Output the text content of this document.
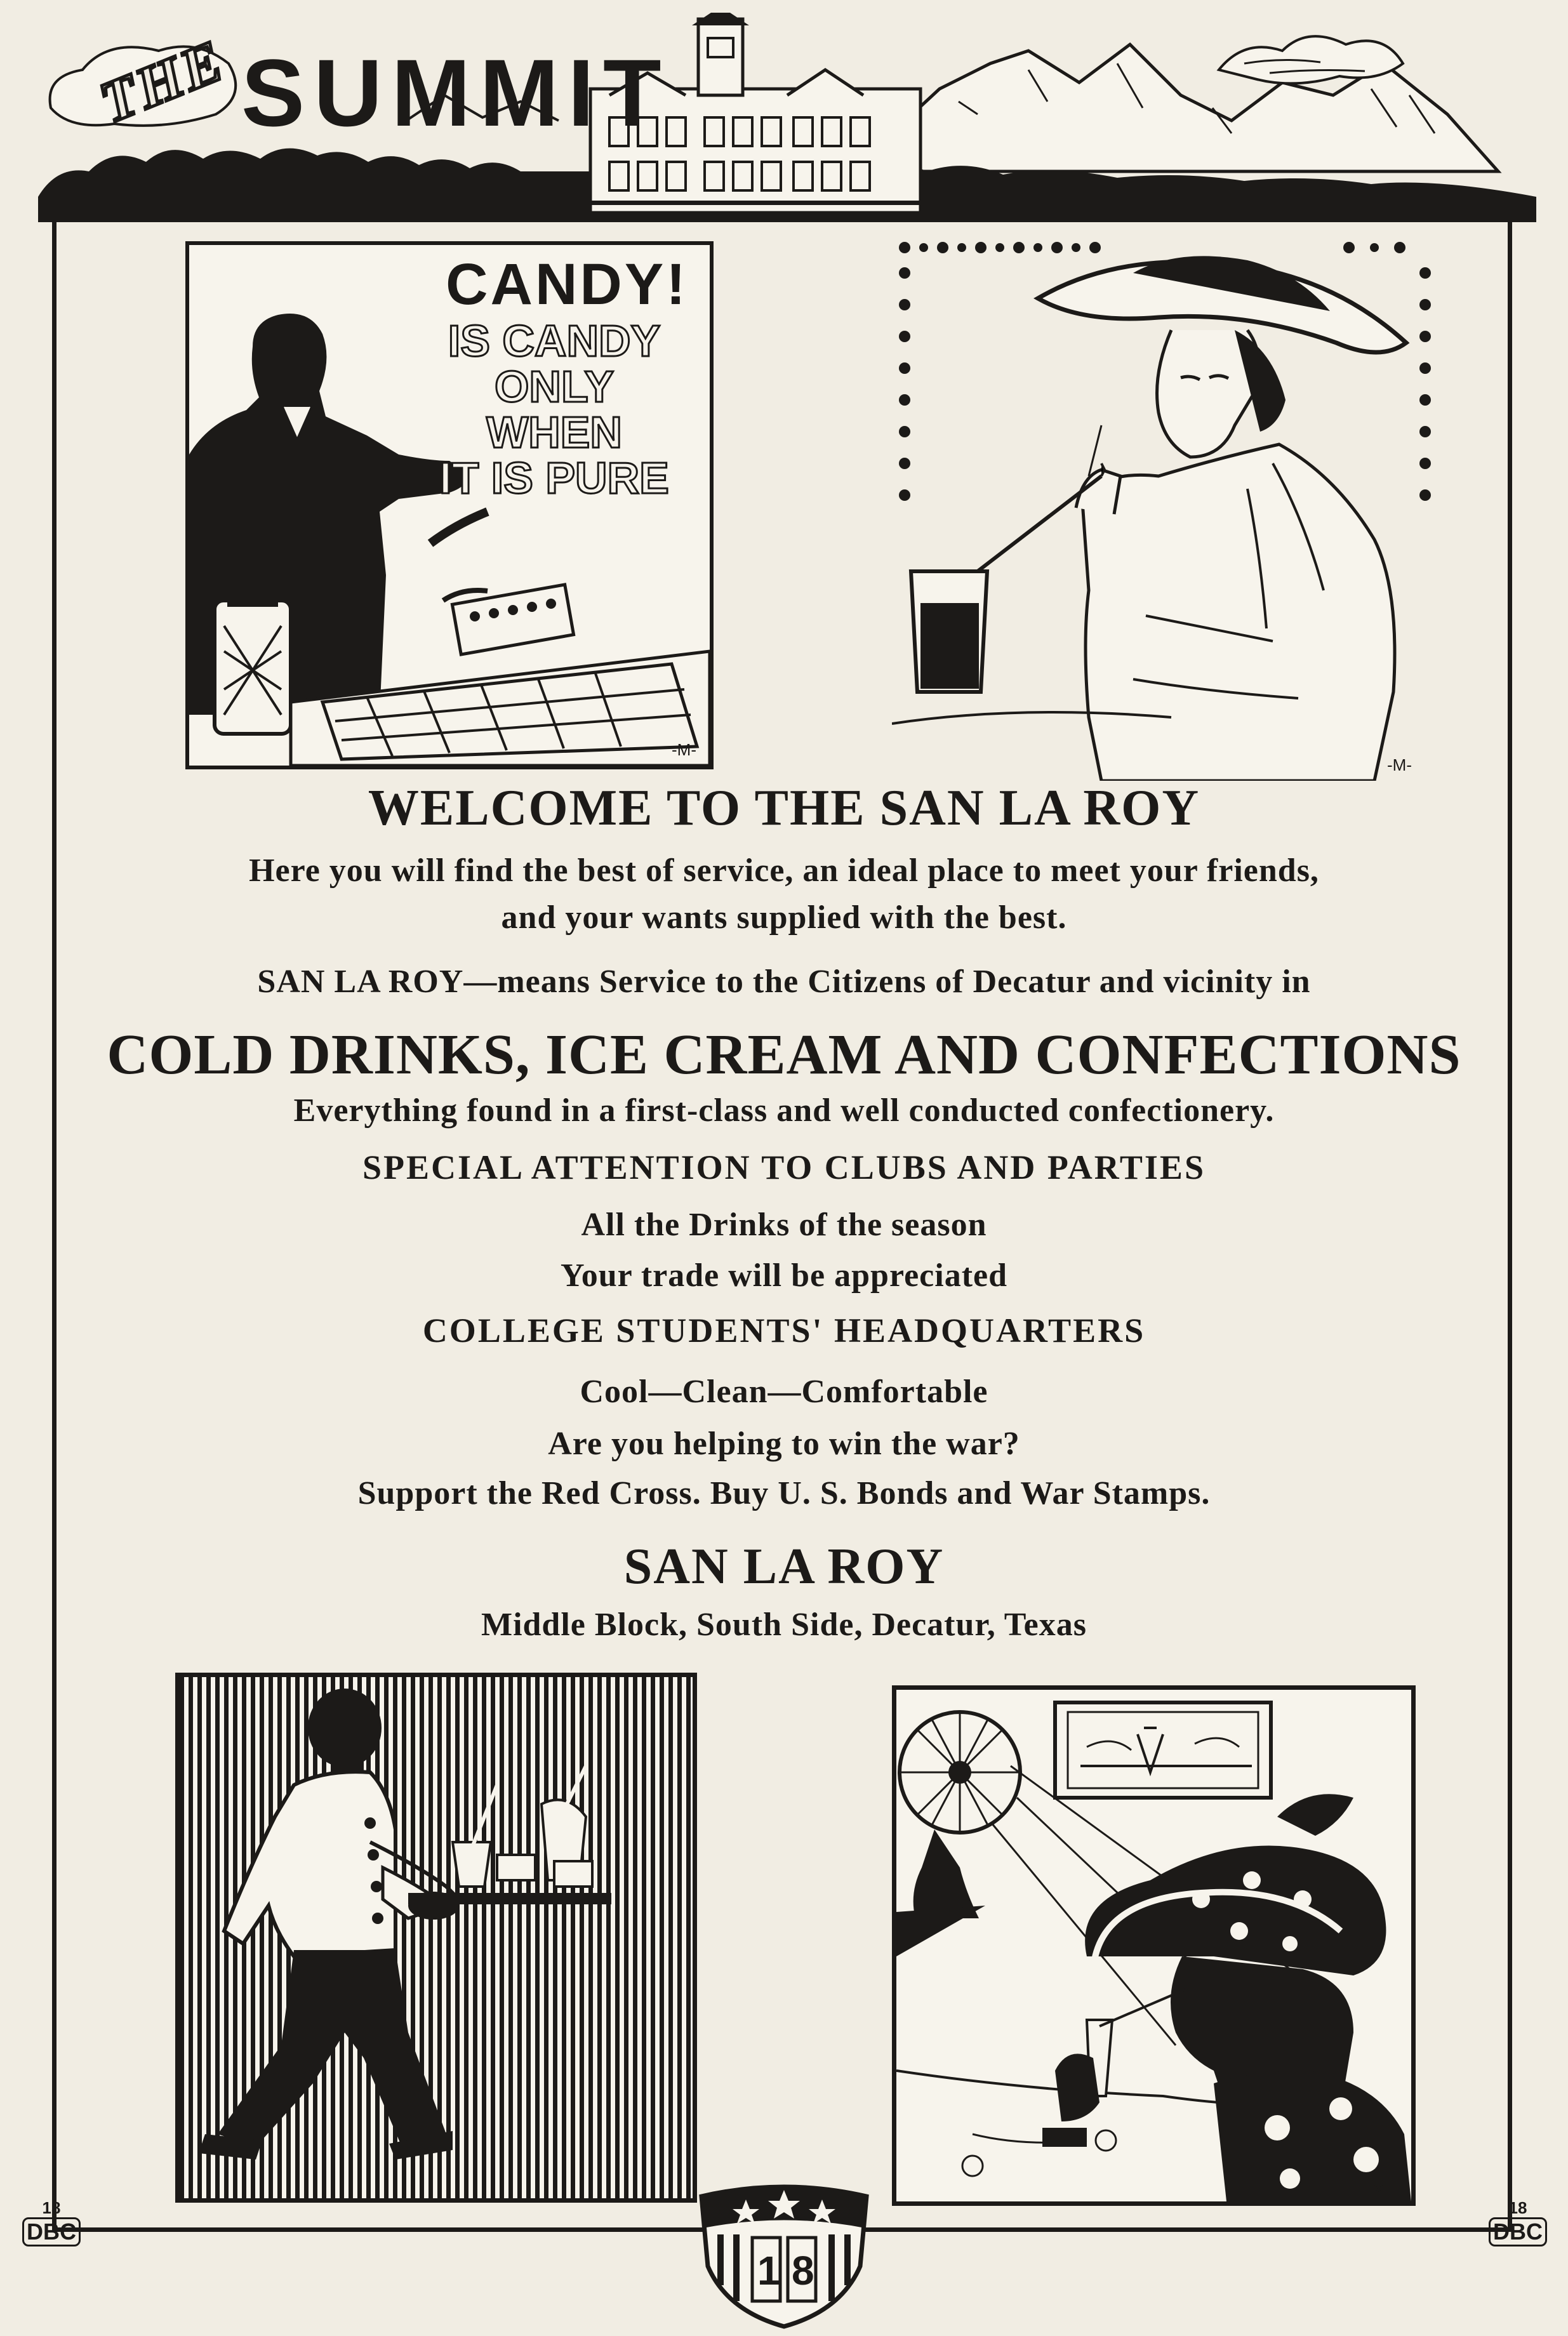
THE SUMMIT
CANDY!
IS CANDY ONLY
WHEN
IT IS PURE
-M-
-M-
WELCOME TO THE SAN LA ROY
Here you will find the best of service, an ideal place to meet your friends,
and your wants supplied with the best.
SAN LA ROY—means Service to the Citizens of Decatur and vicinity in
COLD DRINKS, ICE CREAM AND CONFECTIONS
Everything found in a first-class and well conducted confectionery.
SPECIAL ATTENTION TO CLUBS AND PARTIES
All the Drinks of the season
Your trade will be appreciated
COLLEGE STUDENTS' HEADQUARTERS
Cool—Clean—Comfortable
Are you helping to win the war?
Support the Red Cross. Buy U. S. Bonds and War Stamps.
SAN LA ROY
Middle Block, South Side, Decatur, Texas
-M-
18
DBC
18
DBC
1 8
